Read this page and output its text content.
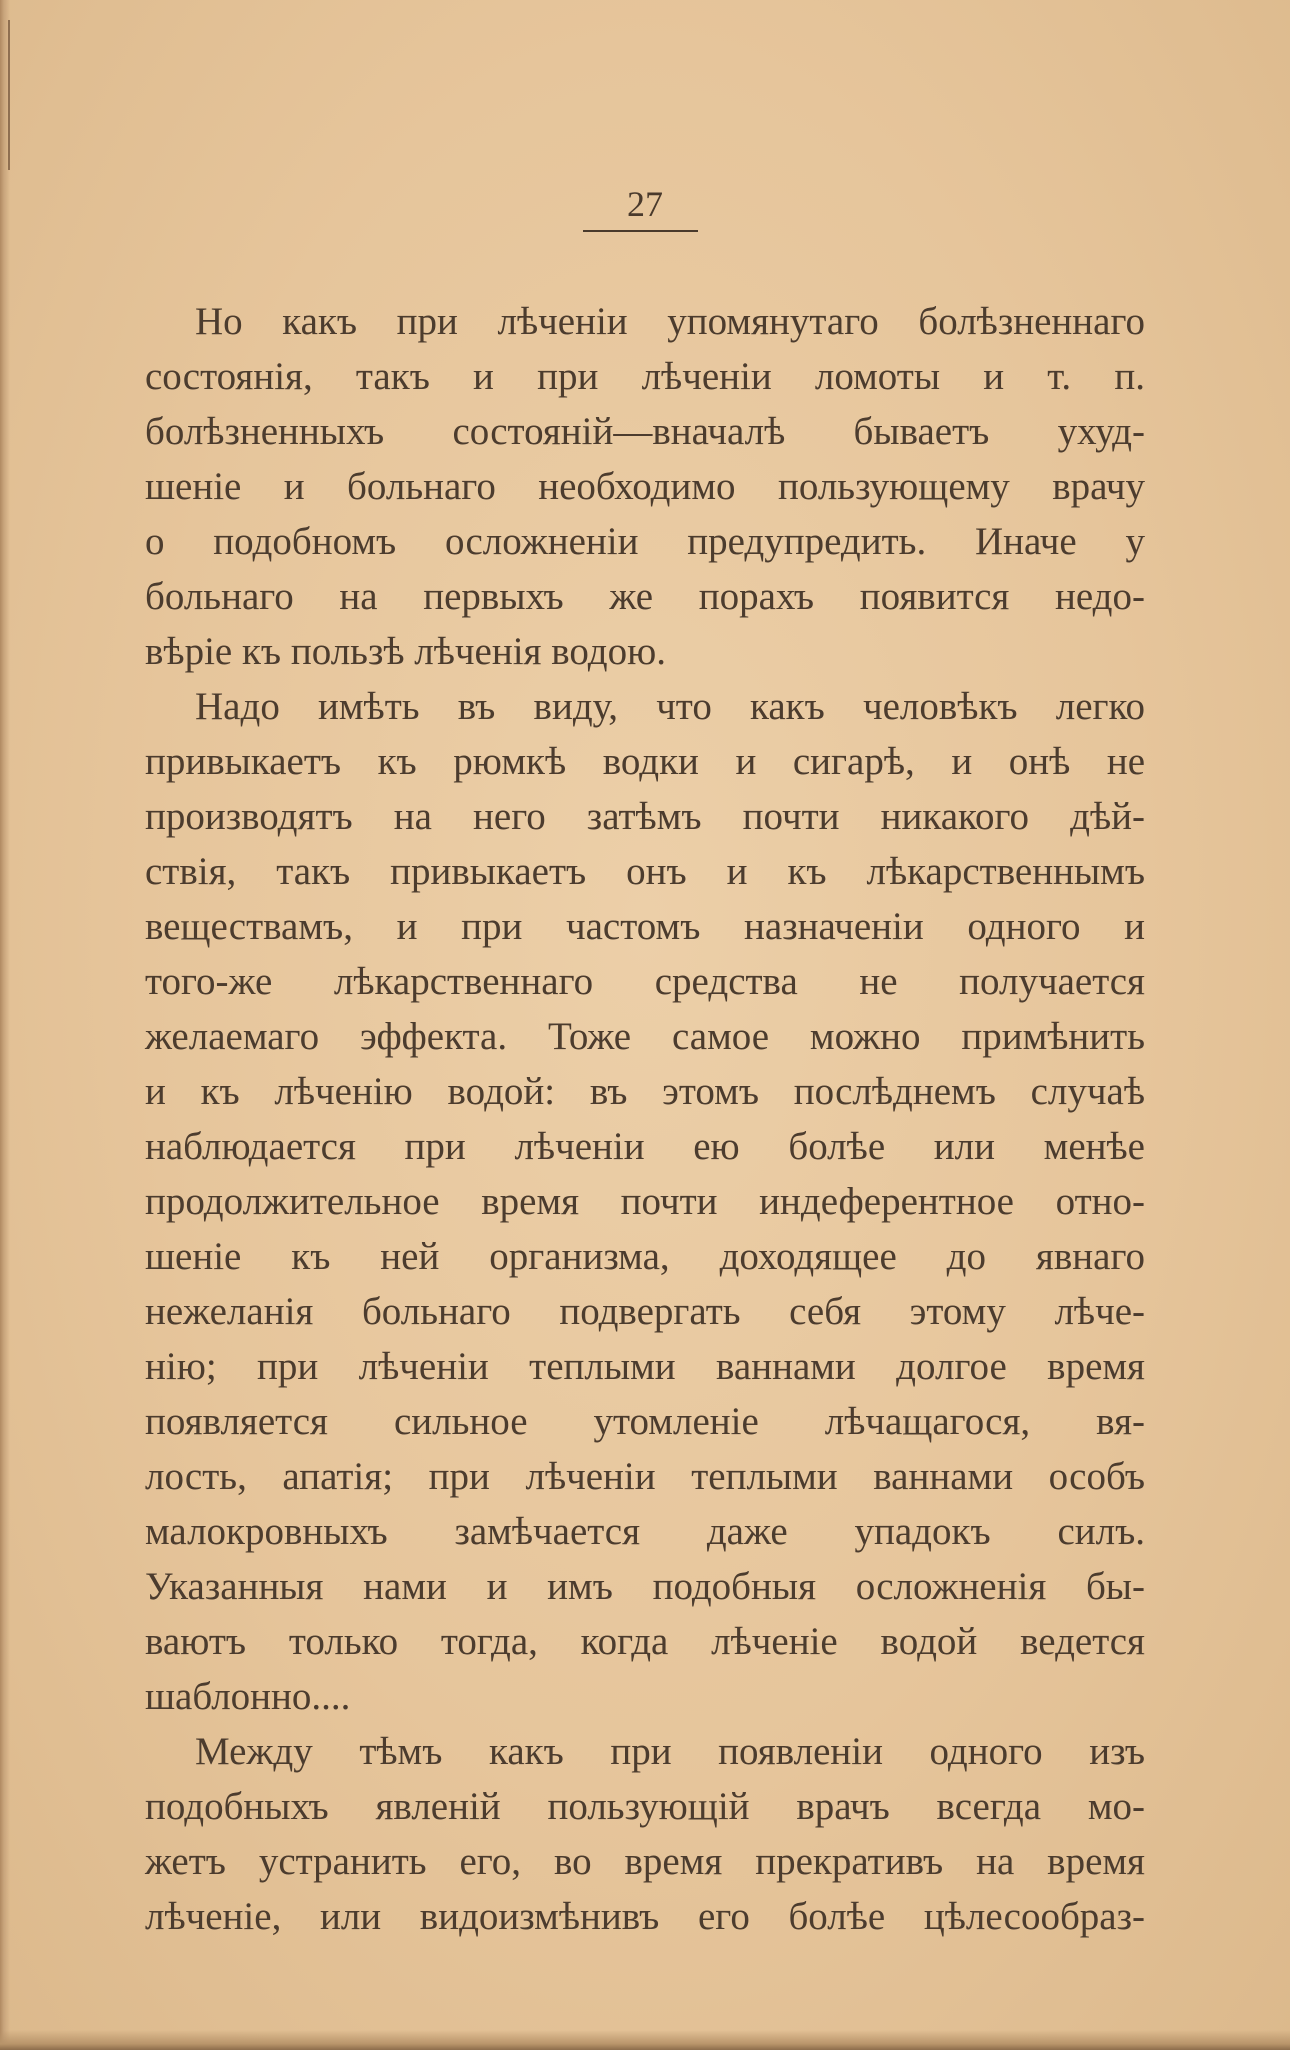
27
Но какъ при лѣченіи упомянутаго болѣзненнаго
состоянія, такъ и при лѣченіи ломоты и т. п.
болѣзненныхъ состояній—вначалѣ бываетъ ухуд-
шеніе и больнаго необходимо пользующему врачу
о подобномъ осложненіи предупредить. Иначе у
больнаго на первыхъ же порахъ появится недо-
вѣріе къ пользѣ лѣченія водою.
Надо имѣть въ виду, что какъ человѣкъ легко
привыкаетъ къ рюмкѣ водки и сигарѣ, и онѣ не
производятъ на него затѣмъ почти никакого дѣй-
ствія, такъ привыкаетъ онъ и къ лѣкарственнымъ
веществамъ, и при частомъ назначеніи одного и
того-же лѣкарственнаго средства не получается
желаемаго эффекта. Тоже самое можно примѣнить
и къ лѣченію водой: въ этомъ послѣднемъ случаѣ
наблюдается при лѣченіи ею болѣе или менѣе
продолжительное время почти индеферентное отно-
шеніе къ ней организма, доходящее до явнаго
нежеланія больнаго подвергать себя этому лѣче-
нію; при лѣченіи теплыми ваннами долгое время
появляется сильное утомленіе лѣчащагося, вя-
лость, апатія; при лѣченіи теплыми ваннами особъ
малокровныхъ замѣчается даже упадокъ силъ.
Указанныя нами и имъ подобныя осложненія бы-
ваютъ только тогда, когда лѣченіе водой ведется
шаблонно....
Между тѣмъ какъ при появленіи одного изъ
подобныхъ явленій пользующій врачъ всегда мо-
жетъ устранить его, во время прекративъ на время
лѣченіе, или видоизмѣнивъ его болѣе цѣлесообраз-
